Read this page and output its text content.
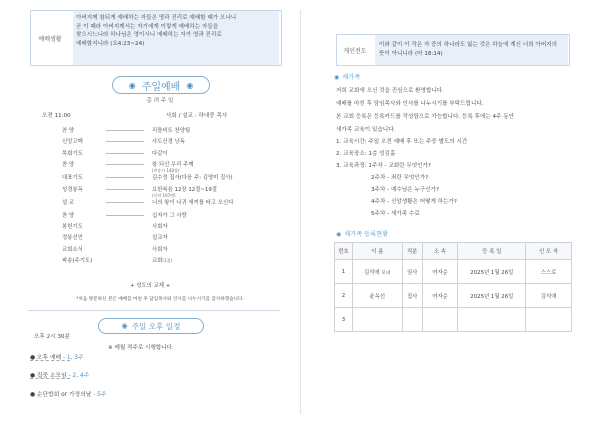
예배생활
아버지께 참되게 예배하는 자들은 영과 진리로 예배할 때가 오나니
곧 이 때라 아버지께서는 자기에게 이렇게 예배하는 자들을
찾으시느니라 하나님은 영이시니 예배하는 자가 영과 진리로
예배할지니라 (요4:23~24)
◉ 주일예배 ◉
총 려 주 일
오전 11:00	사회 / 설교 : 하대중 목사
찬 양	리틀비트 찬양팀
신앙고백	사도신경 낭독
목회기도	다같이
찬 양	왕 되신 우리 주께
(찬송가 140장)
대표기도	김수정 집사(다음 주: 김영미 집사)
성경봉독	요한복음 12장 12절~19절
(신약 167면)
설 교	너의 왕이 나귀 새끼를 타고 오신다
찬 양	십자가 그 사랑
봉헌기도	사회자
경봉선언	설교자
교회소식	사회자
파송(주기도)	교회(1절)
+ 성도의 교제 +
*처음 방문하신 분은 예배를 마친 후 담임목사와 인사를 나누시기를 감사하겠습니다.
◉ 주일 오후 일정
오후 2시 30분
※ 매월 격주로 시행합니다.
● 오후 예배 - 1, 3주
● 집중 소모임 - 2, 4주
● 순단합회 or 가정의날 - 5주
개인전도
이와 같이 이 작은 자 중의 하나라도 잃는 것은 하늘에 계신 너희 아버지의
뜻이 아니니라 (마 18:14)
◉ 새가족
저희 교회에 오신 것을 진심으로 환영합니다.
예배를 마친 후 담임목사와 인사를 나누시기를 부탁드립니다.
본 교회 등록은 등록카드를 작성함으로 가능합니다. 등록 후에는 4주 동안
새가족 교육이 있습니다.
1. 교육시간: 주일 오전 예배 후 또는 주중 별도의 시간
2. 교육장소: 1층 성김홀
3. 교육과정: 1주차 - 교회란 무엇인가?
2주차 - 죄란 무엇인가?
3주차 - 예수님은 누구신가?
4주차 - 신앙생활은 어떻게 하는가?
5주차 - 새가족 수료
◉ 새가족 등록현황
번호	이 름	직분	소 속	등 록 일	인 도 자
1	김석애 모녀	권사	여자순	2025년 1월 26일	스스로
2	윤옥선	집사	여자순	2025년 1월 26일	김석애
3					
